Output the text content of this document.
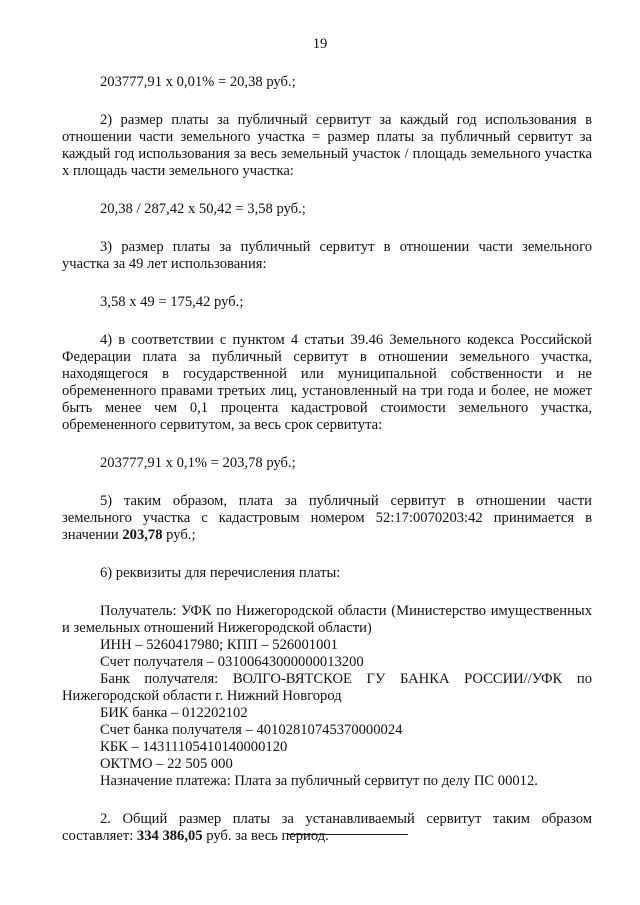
19
203777,91 х 0,01% = 20,38 руб.;
2) размер платы за публичный сервитут за каждый год использования в отношении части земельного участка = размер платы за публичный сервитут за каждый год использования за весь земельный участок / площадь земельного участка х площадь части земельного участка:
20,38 / 287,42 х 50,42 = 3,58 руб.;
3) размер платы за публичный сервитут в отношении части земельного участка за 49 лет использования:
3,58 х 49 = 175,42 руб.;
4) в соответствии с пунктом 4 статьи 39.46 Земельного кодекса Российской Федерации плата за публичный сервитут в отношении земельного участка, находящегося в государственной или муниципальной собственности и не обремененного правами третьих лиц, установленный на три года и более, не может быть менее чем 0,1 процента кадастровой стоимости земельного участка, обремененного сервитутом, за весь срок сервитута:
203777,91 х 0,1% = 203,78 руб.;
5) таким образом, плата за публичный сервитут в отношении части земельного участка с кадастровым номером 52:17:0070203:42 принимается в значении 203,78 руб.;
6) реквизиты для перечисления платы:
Получатель: УФК по Нижегородской области (Министерство имущественных и земельных отношений Нижегородской области)
ИНН – 5260417980; КПП – 526001001
Счет получателя – 03100643000000013200
Банк получателя: ВОЛГО-ВЯТСКОЕ ГУ БАНКА РОССИИ//УФК по Нижегородской области г. Нижний Новгород
БИК банка – 012202102
Счет банка получателя – 40102810745370000024
КБК – 14311105410140000120
ОКТМО – 22 505 000
Назначение платежа: Плата за публичный сервитут по делу ПС 00012.
2. Общий размер платы за устанавливаемый сервитут таким образом составляет: 334 386,05 руб. за весь период.
